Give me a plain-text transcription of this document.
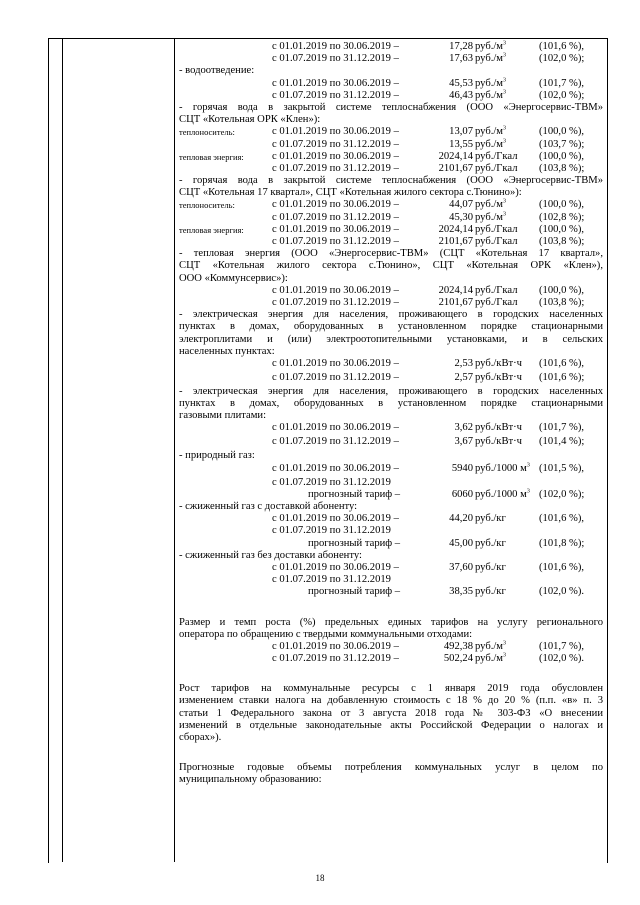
с 01.01.2019 по 30.06.2019 –	17,28 $руб./м^3$	(101,6 %),
с 01.07.2019 по 31.12.2019 –	17,63 $руб./м^3$	(102,0 %);
- водоотведение:
с 01.01.2019 по 30.06.2019 –	45,53 $руб./м^3$	(101,7 %),
с 01.07.2019 по 31.12.2019 –	46,43 $руб./м^3$	(102,0 %);
- горячая вода в закрытой системе теплоснабжения (ООО «Энергосервис-ТВМ»
СЦТ «Котельная ОРК «Клен»):
теплоноситель:	с 01.01.2019 по 30.06.2019 –	13,07 $руб./м^3$	(100,0 %),
с 01.07.2019 по 31.12.2019 –	13,55 $руб./м^3$	(103,7 %);
тепловая энергия:	с 01.01.2019 по 30.06.2019 –	2024,14 руб./Гкал (100,0 %),
с 01.07.2019 по 31.12.2019 –	2101,67 руб./Гкал (103,8 %);
- горячая вода в закрытой системе теплоснабжения (ООО «Энергосервис-ТВМ»
СЦТ «Котельная 17 квартал», СЦТ «Котельная жилого сектора с.Тюнино»):
теплоноситель:	с 01.01.2019 по 30.06.2019 –	44,07 $руб./м^3$	(100,0 %),
с 01.07.2019 по 31.12.2019 –	45,30 $руб./м^3$	(102,8 %);
тепловая энергия:	с 01.01.2019 по 30.06.2019 –	2024,14 руб./Гкал (100,0 %),
с 01.07.2019 по 31.12.2019 –	2101,67 руб./Гкал (103,8 %);
- тепловая энергия (ООО «Энергосервис-ТВМ» (СЦТ «Котельная 17 квартал»,
СЦТ «Котельная жилого сектора с.Тюнино», СЦТ «Котельная ОРК «Клен»),
ООО «Коммунсервис»):
с 01.01.2019 по 30.06.2019 –	2024,14 руб./Гкал (100,0 %),
с 01.07.2019 по 31.12.2019 –	2101,67 руб./Гкал (103,8 %);
- электрическая энергия для населения, проживающего в городских населенных
пунктах в домах, оборудованных в установленном порядке стационарными
электроплитами и (или) электроотопительными установками, и в сельских
населенных пунктах:
с 01.01.2019 по 30.06.2019 –	2,53 руб./кВт·ч (101,6 %),
с 01.07.2019 по 31.12.2019 –	2,57 руб./кВт·ч (101,6 %);
- электрическая энергия для населения, проживающего в городских населенных
пунктах в домах, оборудованных в установленном порядке стационарными
газовыми плитами:
с 01.01.2019 по 30.06.2019 –	3,62 руб./кВт·ч (101,7 %),
с 01.07.2019 по 31.12.2019 –	3,67 руб./кВт·ч (101,4 %);
- природный газ:
с 01.01.2019 по 30.06.2019 –	5940 руб./1000 $м^3$ (101,5 %),
с 01.07.2019 по 31.12.2019
прогнозный тариф –	6060 руб./1000 $м^3$ (102,0 %);
- сжиженный газ с доставкой абоненту:
с 01.01.2019 по 30.06.2019 –	44,20 руб./кг	(101,6 %),
с 01.07.2019 по 31.12.2019
прогнозный тариф –	45,00 руб./кг	(101,8 %);
- сжиженный газ без доставки абоненту:
с 01.01.2019 по 30.06.2019 –	37,60 руб./кг	(101,6 %),
с 01.07.2019 по 31.12.2019
прогнозный тариф –	38,35 руб./кг	(102,0 %).
Размер и темп роста (%) предельных единых тарифов на услугу регионального
оператора по обращению с твердыми коммунальными отходами:
с 01.01.2019 по 30.06.2019 –	492,38 $руб./м^3$	(101,7 %),
с 01.07.2019 по 31.12.2019 –	502,24 $руб./м^3$	(102,0 %).
Рост тарифов на коммунальные ресурсы с 1 января 2019 года обусловлен
изменением ставки налога на добавленную стоимость с 18 % до 20 % (п.п. «в» п. 3
статьи 1 Федерального закона от 3 августа 2018 года № 303-ФЗ «О внесении
изменений в отдельные законодательные акты Российской Федерации о налогах и
сборах»).
Прогнозные годовые объемы потребления коммунальных услуг в целом по
муниципальному образованию:
18
